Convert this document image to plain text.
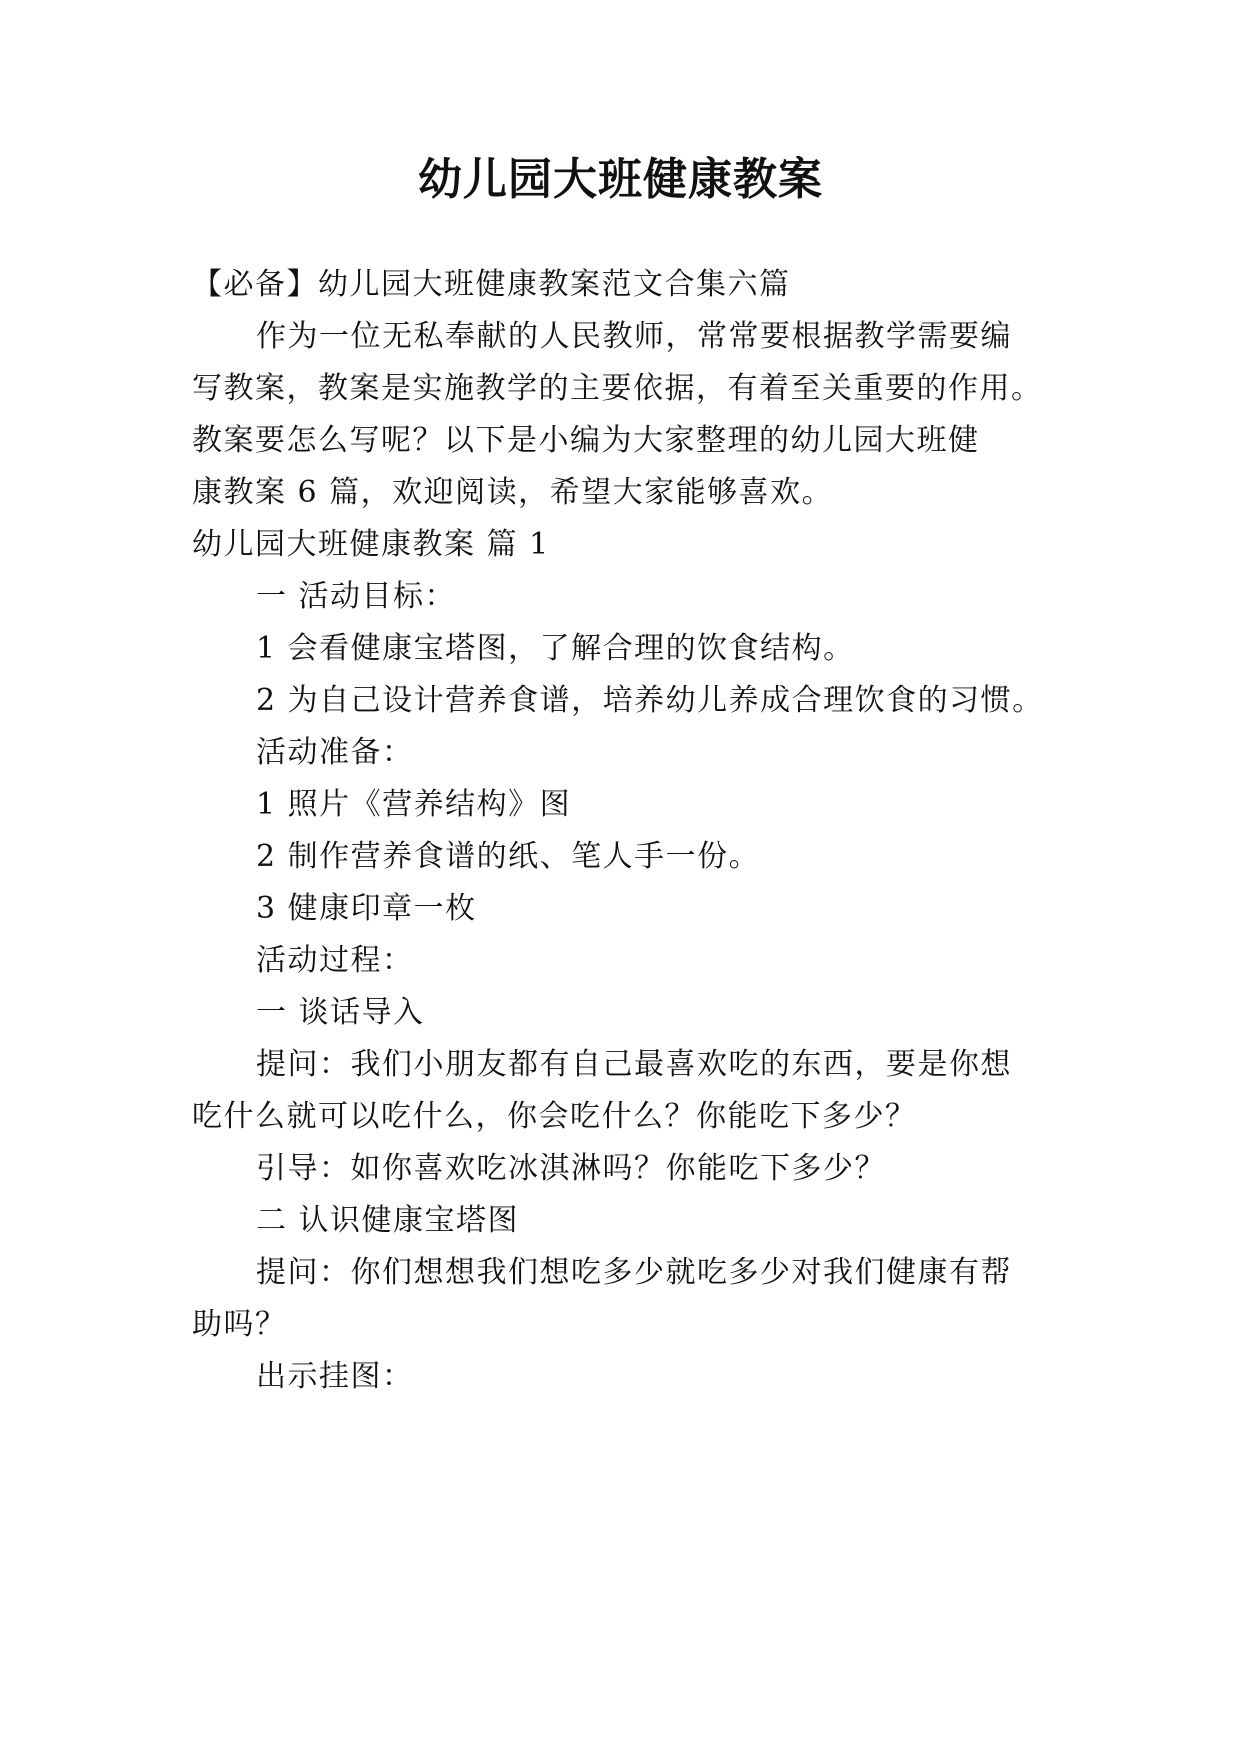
幼儿园大班健康教案
【必备】幼儿园大班健康教案范文合集六篇
作为一位无私奉献的人民教师，常常要根据教学需要编
写教案，教案是实施教学的主要依据，有着至关重要的作用。
教案要怎么写呢？以下是小编为大家整理的幼儿园大班健
康教案 6 篇，欢迎阅读，希望大家能够喜欢。
幼儿园大班健康教案 篇 1
一 活动目标：
1 会看健康宝塔图，了解合理的饮食结构。
2 为自己设计营养食谱，培养幼儿养成合理饮食的习惯。
活动准备：
1 照片《营养结构》图
2 制作营养食谱的纸、笔人手一份。
3 健康印章一枚
活动过程：
一 谈话导入
提问：我们小朋友都有自己最喜欢吃的东西，要是你想
吃什么就可以吃什么，你会吃什么？你能吃下多少？
引导：如你喜欢吃冰淇淋吗？你能吃下多少？
二 认识健康宝塔图
提问：你们想想我们想吃多少就吃多少对我们健康有帮
助吗？
出示挂图：
